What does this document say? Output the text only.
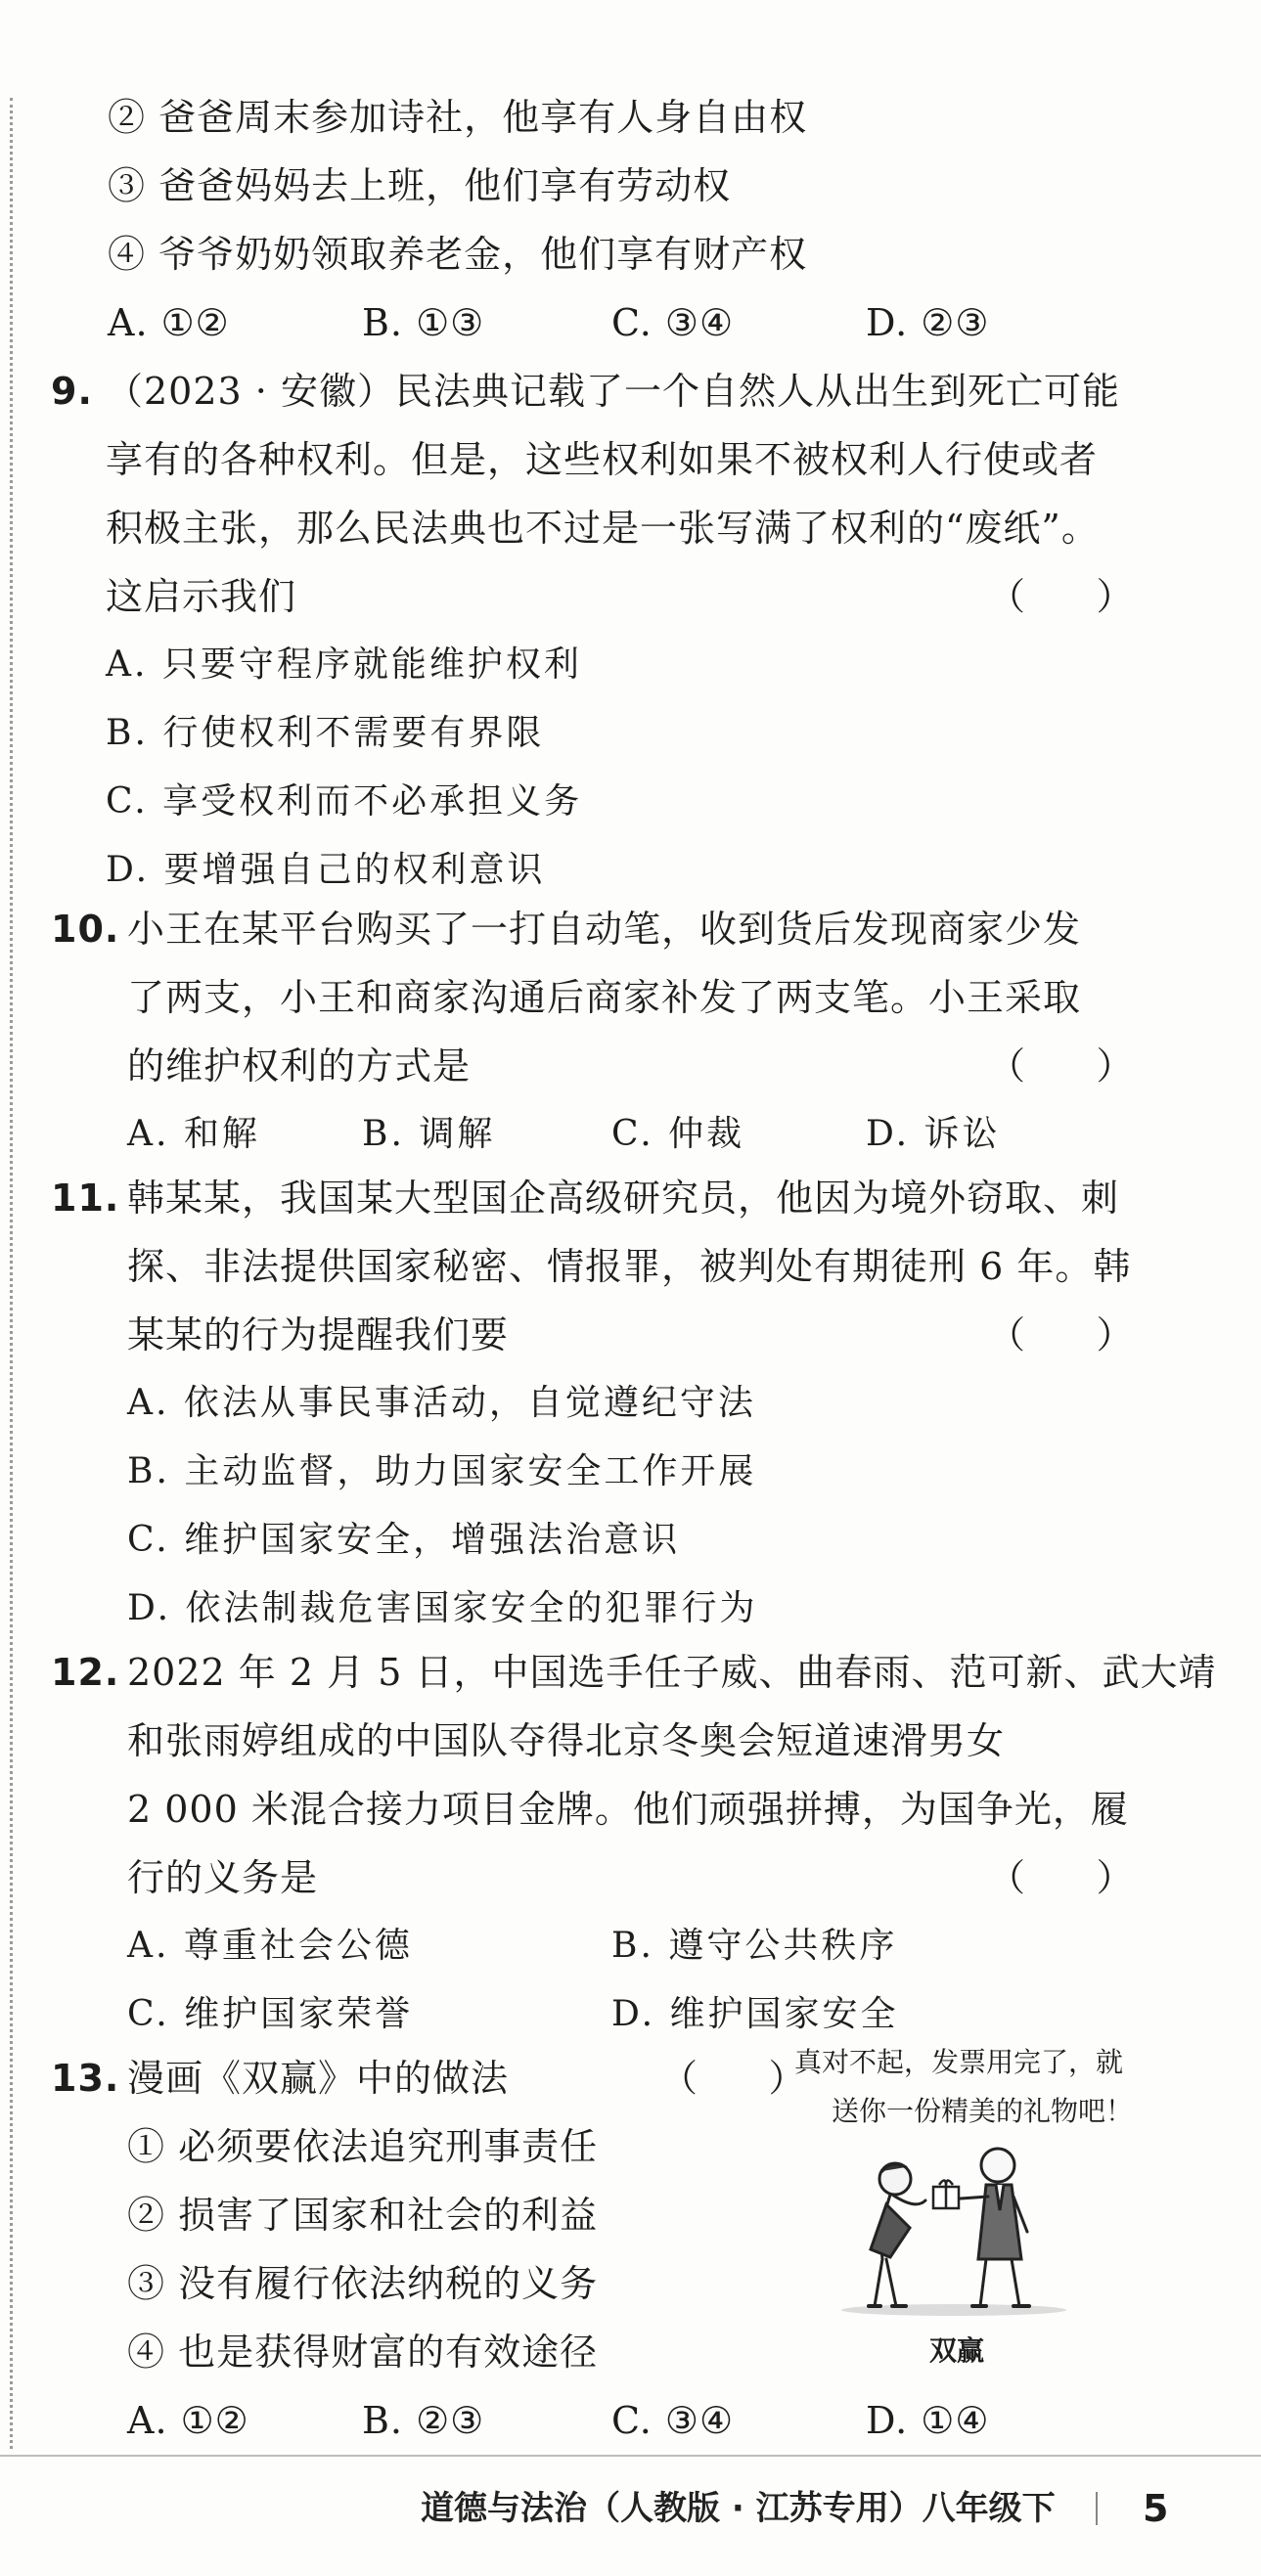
② 爸爸周末参加诗社，他享有人身自由权
③ 爸爸妈妈去上班，他们享有劳动权
④ 爷爷奶奶领取养老金，他们享有财产权
A. ①②	B. ①③	C. ③④	D. ②③
9. （2023 · 安徽）民法典记载了一个自然人从出生到死亡可能
享有的各种权利。但是，这些权利如果不被权利人行使或者
积极主张，那么民法典也不过是一张写满了权利的“废纸”。
这启示我们	（      ）
A. 只要守程序就能维护权利
B. 行使权利不需要有界限
C. 享受权利而不必承担义务
D. 要增强自己的权利意识
10. 小王在某平台购买了一打自动笔，收到货后发现商家少发
了两支，小王和商家沟通后商家补发了两支笔。小王采取
的维护权利的方式是	（      ）
A. 和解	B. 调解	C. 仲裁	D. 诉讼
11. 韩某某，我国某大型国企高级研究员，他因为境外窃取、刺
探、非法提供国家秘密、情报罪，被判处有期徒刑 6 年。韩
某某的行为提醒我们要	（      ）
A. 依法从事民事活动，自觉遵纪守法
B. 主动监督，助力国家安全工作开展
C. 维护国家安全，增强法治意识
D. 依法制裁危害国家安全的犯罪行为
12. 2022 年 2 月 5 日，中国选手任子威、曲春雨、范可新、武大靖
和张雨婷组成的中国队夺得北京冬奥会短道速滑男女
2 000 米混合接力项目金牌。他们顽强拼搏，为国争光，履
行的义务是	（      ）
A. 尊重社会公德	B. 遵守公共秩序
C. 维护国家荣誉	D. 维护国家安全
13. 漫画《双赢》中的做法	（      ）
① 必须要依法追究刑事责任
② 损害了国家和社会的利益
③ 没有履行依法纳税的义务
④ 也是获得财富的有效途径
A. ①②	B. ②③	C. ③④	D. ①④
真对不起，发票用完了，就
送你一份精美的礼物吧！
双赢
道德与法治（人教版 · 江苏专用）八年级下 5
